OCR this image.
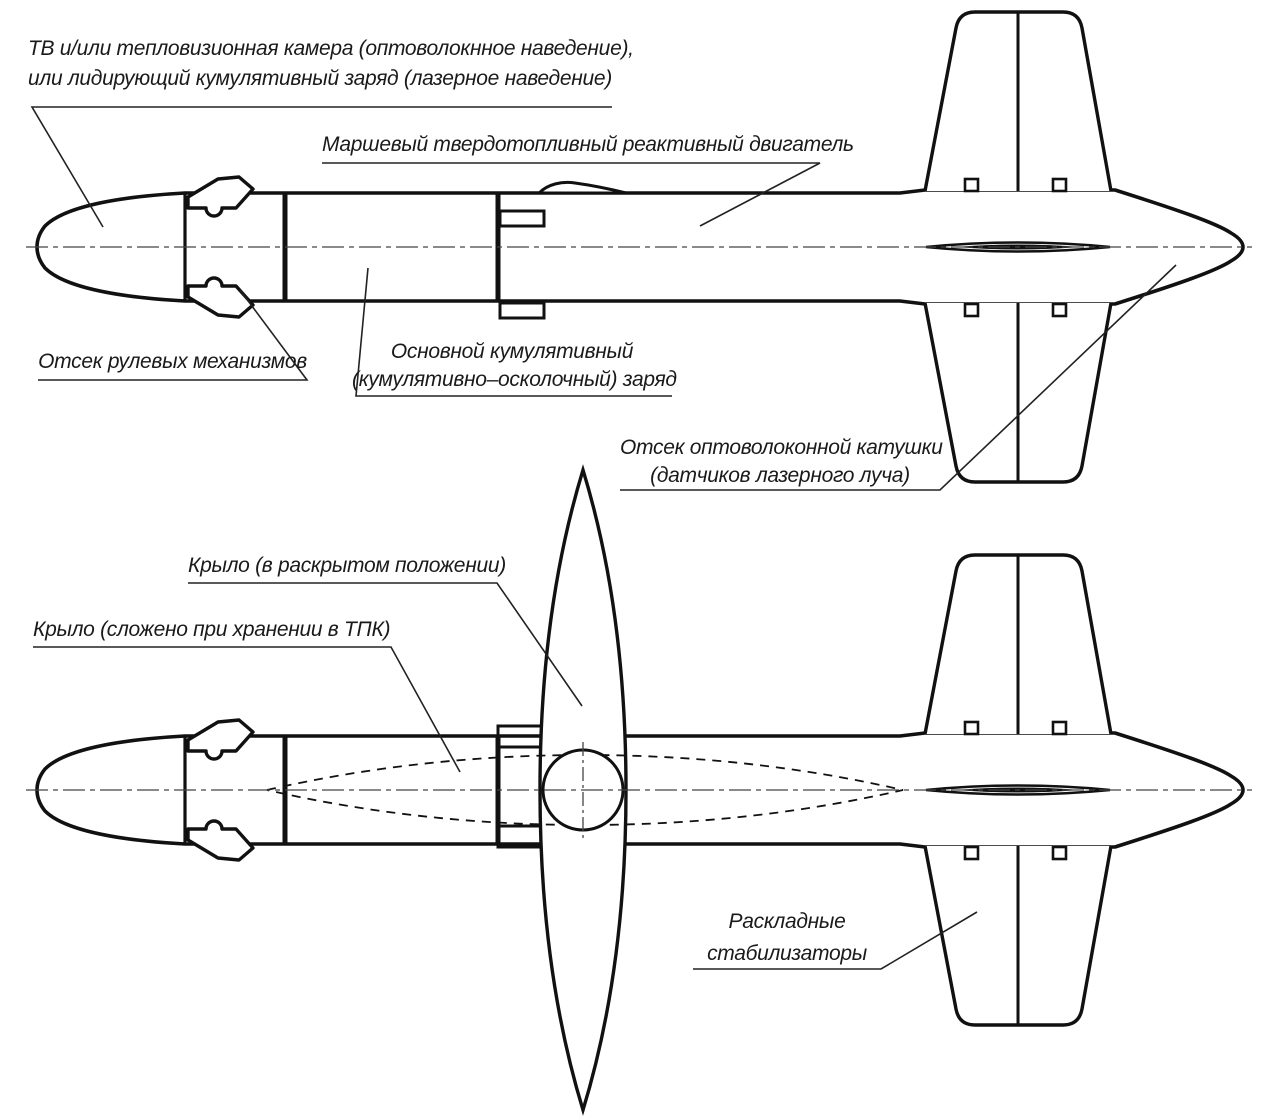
ТВ и/или тепловизионная камера (оптоволокнное наведение),
или лидирующий кумулятивный заряд (лазерное наведение)
Маршевый твердотопливный реактивный двигатель
Отсек рулевых механизмов	Основной кумулятивный
(кумулятивно–осколочный) заряд
Отсек оптоволоконной катушки
(датчиков лазерного луча)
Крыло (в раскрытом положении)
Крыло (сложено при хранении в ТПК)
Раскладные
стабилизаторы
